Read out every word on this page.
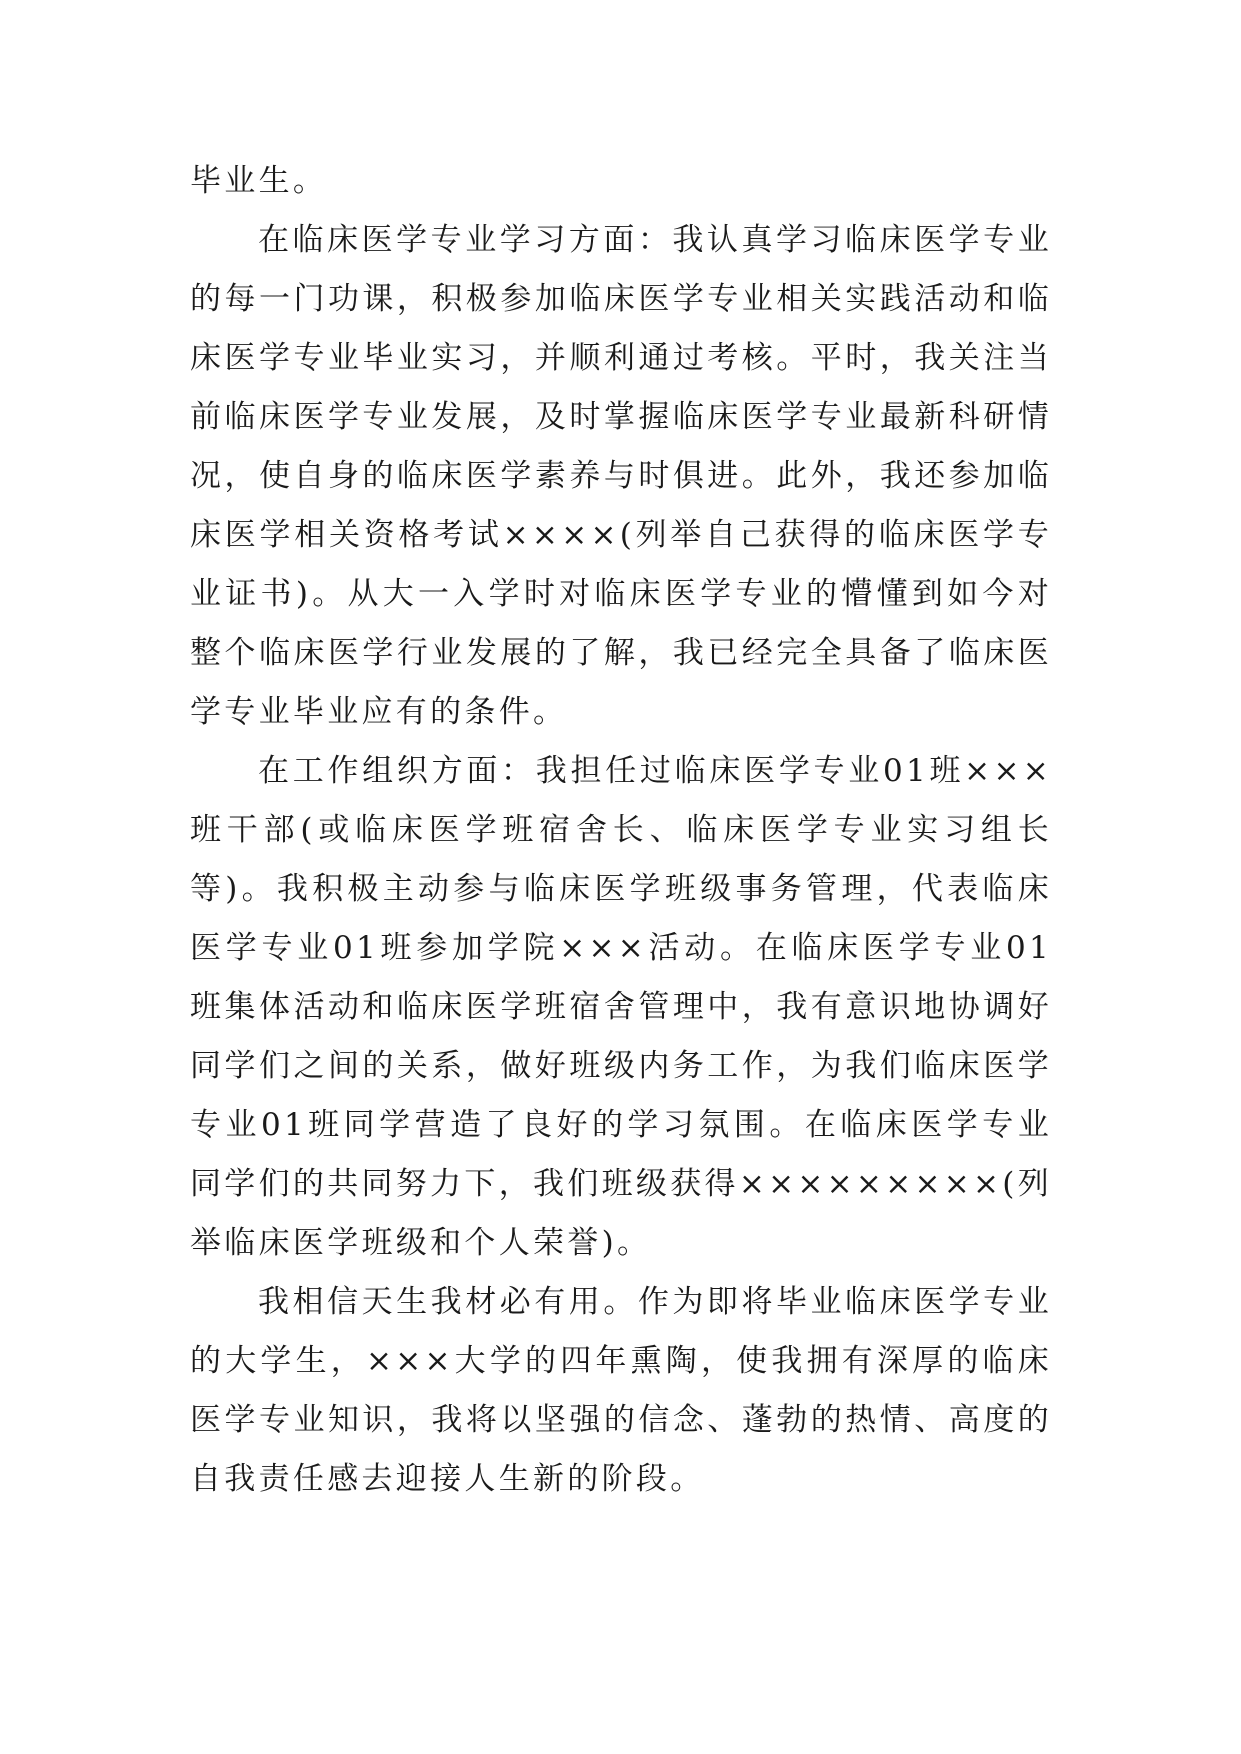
毕业生。

在临床医学专业学习方面：我认真学习临床医学专业的每一门功课，积极参加临床医学专业相关实践活动和临床医学专业毕业实习，并顺利通过考核。平时，我关注当前临床医学专业发展，及时掌握临床医学专业最新科研情况，使自身的临床医学素养与时俱进。此外，我还参加临床医学相关资格考试××××(列举自己获得的临床医学专业证书)。从大一入学时对临床医学专业的懵懂到如今对整个临床医学行业发展的了解，我已经完全具备了临床医学专业毕业应有的条件。

在工作组织方面：我担任过临床医学专业01班×××班干部(或临床医学班宿舍长、临床医学专业实习组长等)。我积极主动参与临床医学班级事务管理，代表临床医学专业01班参加学院×××活动。在临床医学专业01班集体活动和临床医学班宿舍管理中，我有意识地协调好同学们之间的关系，做好班级内务工作，为我们临床医学专业01班同学营造了良好的学习氛围。在临床医学专业同学们的共同努力下，我们班级获得×××××××××(列举临床医学班级和个人荣誉)。

我相信天生我材必有用。作为即将毕业临床医学专业的大学生，×××大学的四年熏陶，使我拥有深厚的临床医学专业知识，我将以坚强的信念、蓬勃的热情、高度的自我责任感去迎接人生新的阶段。
